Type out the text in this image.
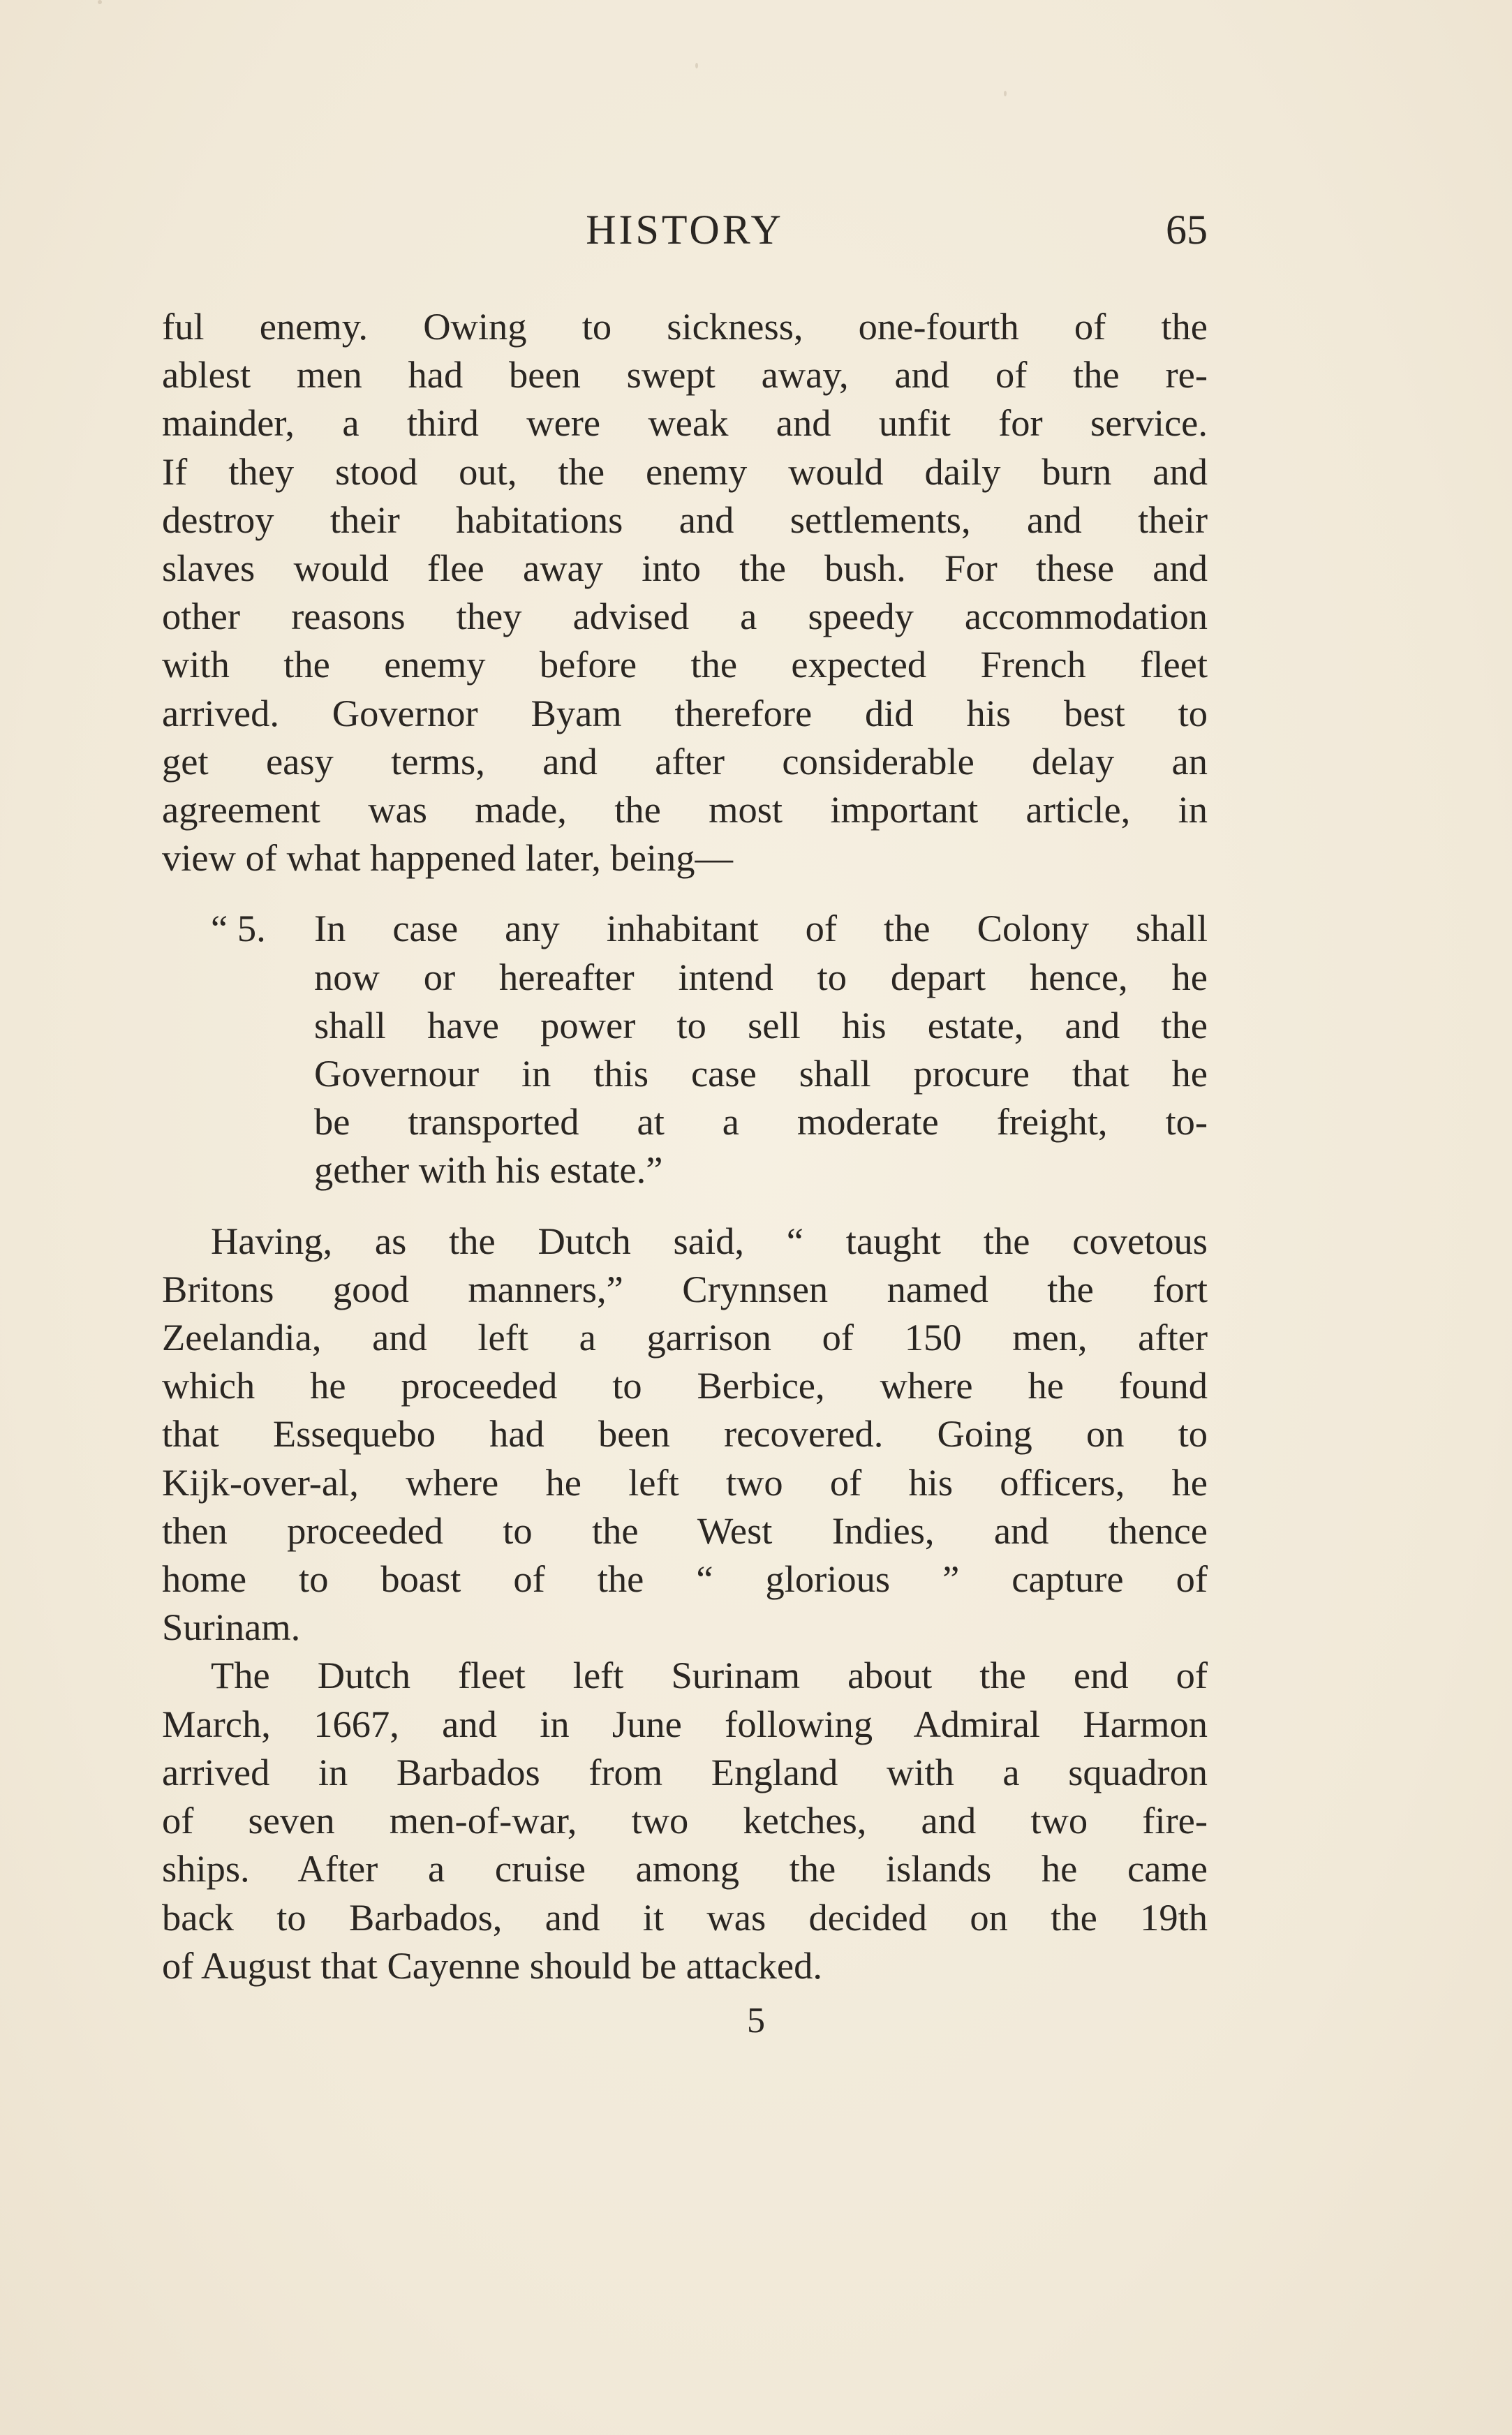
HISTORY	65

ful enemy. Owing to sickness, one-fourth of the
ablest men had been swept away, and of the re-
mainder, a third were weak and unfit for service.
If they stood out, the enemy would daily burn and
destroy their habitations and settlements, and their
slaves would flee away into the bush. For these and
other reasons they advised a speedy accommodation
with the enemy before the expected French fleet
arrived. Governor Byam therefore did his best to
get easy terms, and after considerable delay an
agreement was made, the most important article, in
view of what happened later, being—

“ 5. In case any inhabitant of the Colony shall
now or hereafter intend to depart hence, he
shall have power to sell his estate, and the
Governour in this case shall procure that he
be transported at a moderate freight, to-
gether with his estate.”

Having, as the Dutch said, “ taught the covetous
Britons good manners,” Crynnsen named the fort
Zeelandia, and left a garrison of 150 men, after
which he proceeded to Berbice, where he found
that Essequebo had been recovered. Going on to
Kijk-over-al, where he left two of his officers, he
then proceeded to the West Indies, and thence
home to boast of the “ glorious ” capture of
Surinam.

The Dutch fleet left Surinam about the end of
March, 1667, and in June following Admiral Harmon
arrived in Barbados from England with a squadron
of seven men-of-war, two ketches, and two fire-
ships. After a cruise among the islands he came
back to Barbados, and it was decided on the 19th
of August that Cayenne should be attacked.

5
